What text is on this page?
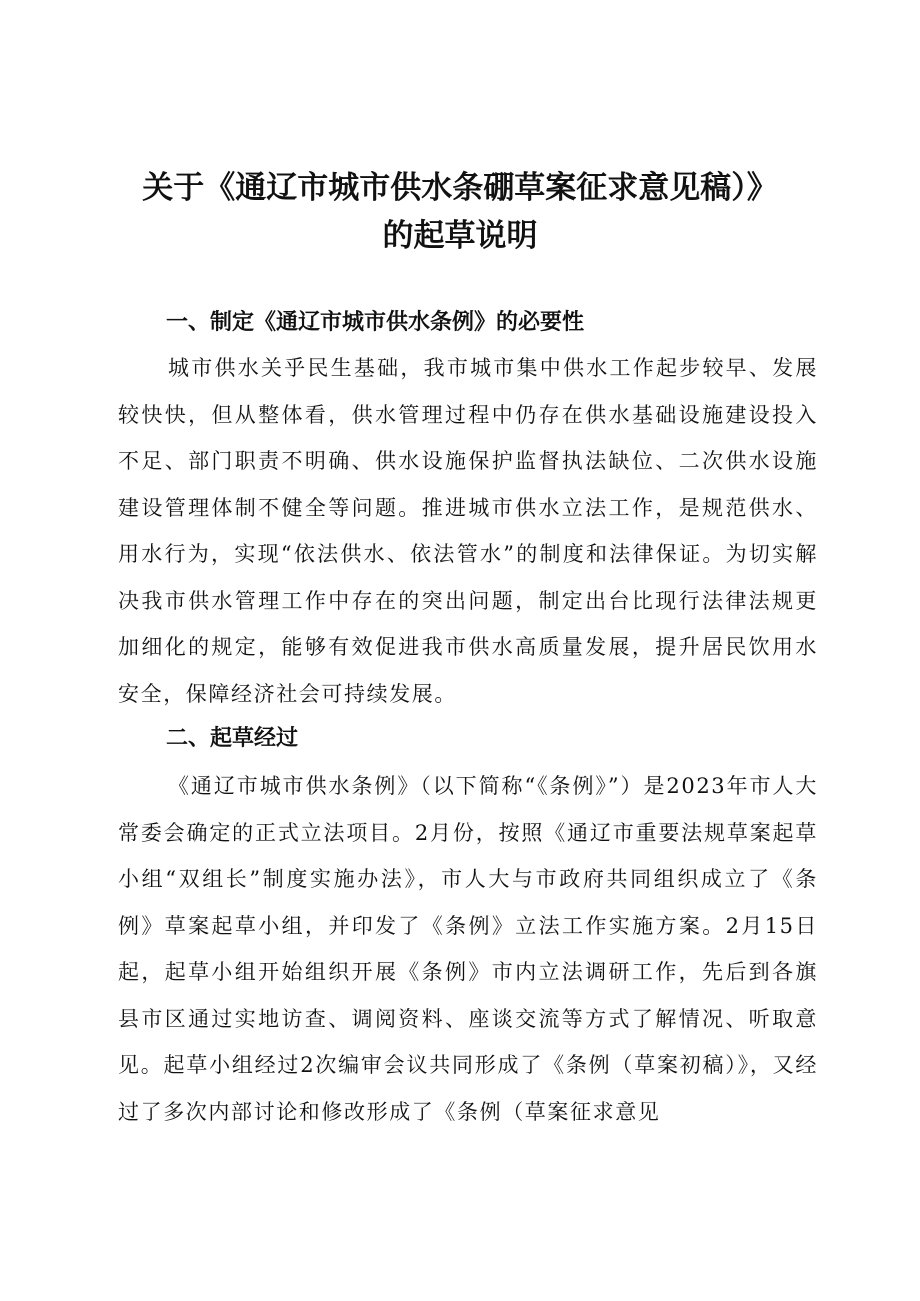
关于《通辽市城市供水条硼草案征求意见稿）》
的起草说明
一、制定《通辽市城市供水条例》的必要性
城市供水关乎民生基础，我市城市集中供水工作起步较早、发展较快快，但从整体看，供水管理过程中仍存在供水基础设施建设投入不足、部门职责不明确、供水设施保护监督执法缺位、二次供水设施建设管理体制不健全等问题。推进城市供水立法工作，是规范供水、用水行为，实现“依法供水、依法管水”的制度和法律保证。为切实解决我市供水管理工作中存在的突出问题，制定出台比现行法律法规更加细化的规定，能够有效促进我市供水高质量发展，提升居民饮用水安全，保障经济社会可持续发展。
二、起草经过
《通辽市城市供水条例》（以下简称“《条例》”）是2023年市人大常委会确定的正式立法项目。2月份，按照《通辽市重要法规草案起草小组“双组长”制度实施办法》，市人大与市政府共同组织成立了《条例》草案起草小组，并印发了《条例》立法工作实施方案。2月15日起，起草小组开始组织开展《条例》市内立法调研工作，先后到各旗县市区通过实地访查、调阅资料、座谈交流等方式了解情况、听取意见。起草小组经过2次编审会议共同形成了《条例（草案初稿）》，又经过了多次内部讨论和修改形成了《条例（草案征求意见
